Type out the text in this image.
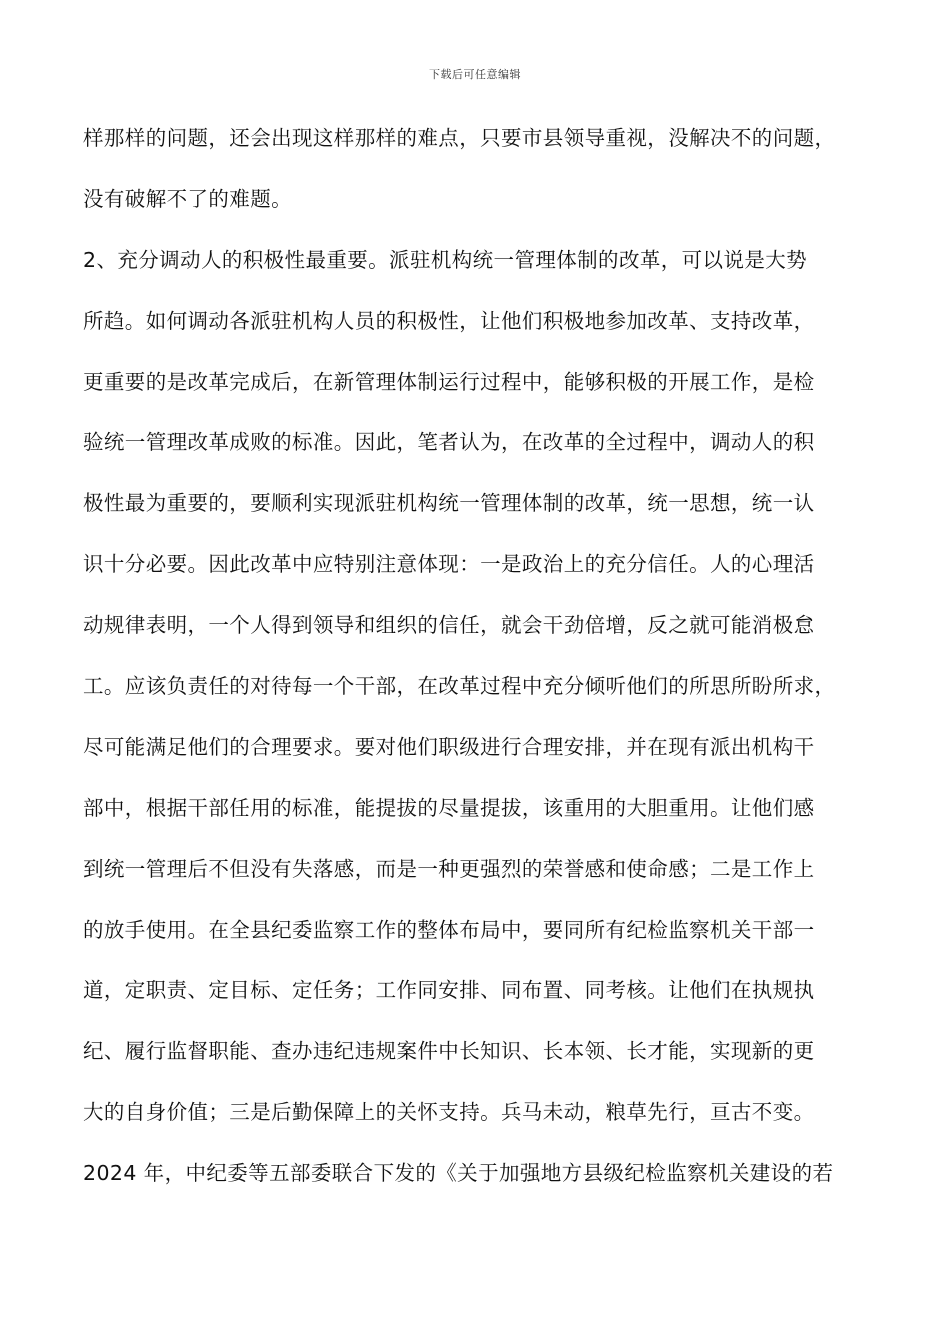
下载后可任意编辑
样那样的问题，还会出现这样那样的难点，只要市县领导重视，没解决不的问题，
没有破解不了的难题。
2、充分调动人的积极性最重要。派驻机构统一管理体制的改革，可以说是大势
所趋。如何调动各派驻机构人员的积极性，让他们积极地参加改革、支持改革，
更重要的是改革完成后，在新管理体制运行过程中，能够积极的开展工作，是检
验统一管理改革成败的标准。因此，笔者认为，在改革的全过程中，调动人的积
极性最为重要的，要顺利实现派驻机构统一管理体制的改革，统一思想，统一认
识十分必要。因此改革中应特别注意体现：一是政治上的充分信任。人的心理活
动规律表明，一个人得到领导和组织的信任，就会干劲倍增，反之就可能消极怠
工。应该负责任的对待每一个干部，在改革过程中充分倾听他们的所思所盼所求，
尽可能满足他们的合理要求。要对他们职级进行合理安排，并在现有派出机构干
部中，根据干部任用的标准，能提拔的尽量提拔，该重用的大胆重用。让他们感
到统一管理后不但没有失落感，而是一种更强烈的荣誉感和使命感；二是工作上
的放手使用。在全县纪委监察工作的整体布局中，要同所有纪检监察机关干部一
道，定职责、定目标、定任务；工作同安排、同布置、同考核。让他们在执规执
纪、履行监督职能、查办违纪违规案件中长知识、长本领、长才能，实现新的更
大的自身价值；三是后勤保障上的关怀支持。兵马未动，粮草先行，亘古不变。
2024 年，中纪委等五部委联合下发的《关于加强地方县级纪检监察机关建设的若
